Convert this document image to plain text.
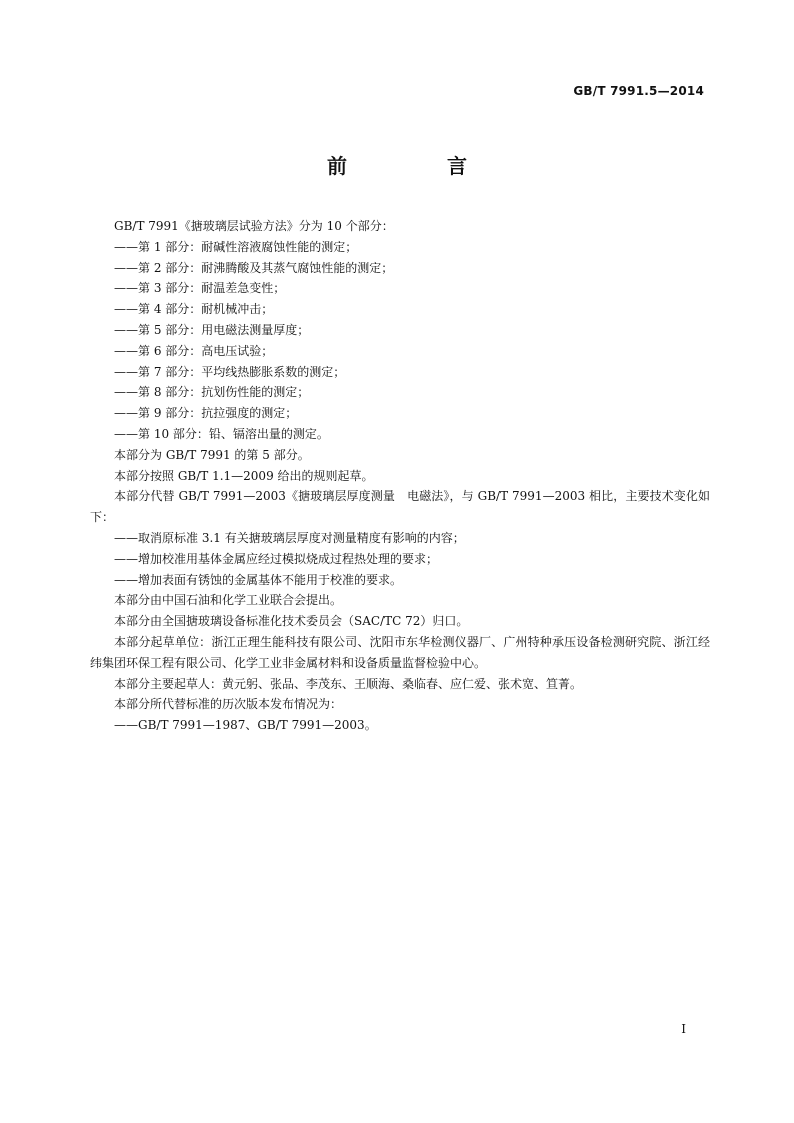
GB/T 7991.5—2014
前　言

GB/T 7991《搪玻璃层试验方法》分为 10 个部分：

——第 1 部分：耐碱性溶液腐蚀性能的测定；

——第 2 部分：耐沸腾酸及其蒸气腐蚀性能的测定；

——第 3 部分：耐温差急变性；

——第 4 部分：耐机械冲击；

——第 5 部分：用电磁法测量厚度；

——第 6 部分：高电压试验；

——第 7 部分：平均线热膨胀系数的测定；

——第 8 部分：抗划伤性能的测定；

——第 9 部分：抗拉强度的测定；

——第 10 部分：铅、镉溶出量的测定。

本部分为 GB/T 7991 的第 5 部分。

本部分按照 GB/T 1.1—2009 给出的规则起草。

本部分代替 GB/T 7991—2003《搪玻璃层厚度测量　电磁法》，与 GB/T 7991—2003 相比，主要技术变化如下：

——取消原标准 3.1 有关搪玻璃层厚度对测量精度有影响的内容；

——增加校准用基体金属应经过模拟烧成过程热处理的要求；

——增加表面有锈蚀的金属基体不能用于校准的要求。

本部分由中国石油和化学工业联合会提出。

本部分由全国搪玻璃设备标准化技术委员会（SAC/TC 72）归口。

本部分起草单位：浙江正理生能科技有限公司、沈阳市东华检测仪器厂、广州特种承压设备检测研究院、浙江经纬集团环保工程有限公司、化学工业非金属材料和设备质量监督检验中心。

本部分主要起草人：黄元躬、张品、李茂东、王顺海、桑临春、应仁爱、张术宽、笪菁。

本部分所代替标准的历次版本发布情况为：

——GB/T 7991—1987、GB/T 7991—2003。

I
